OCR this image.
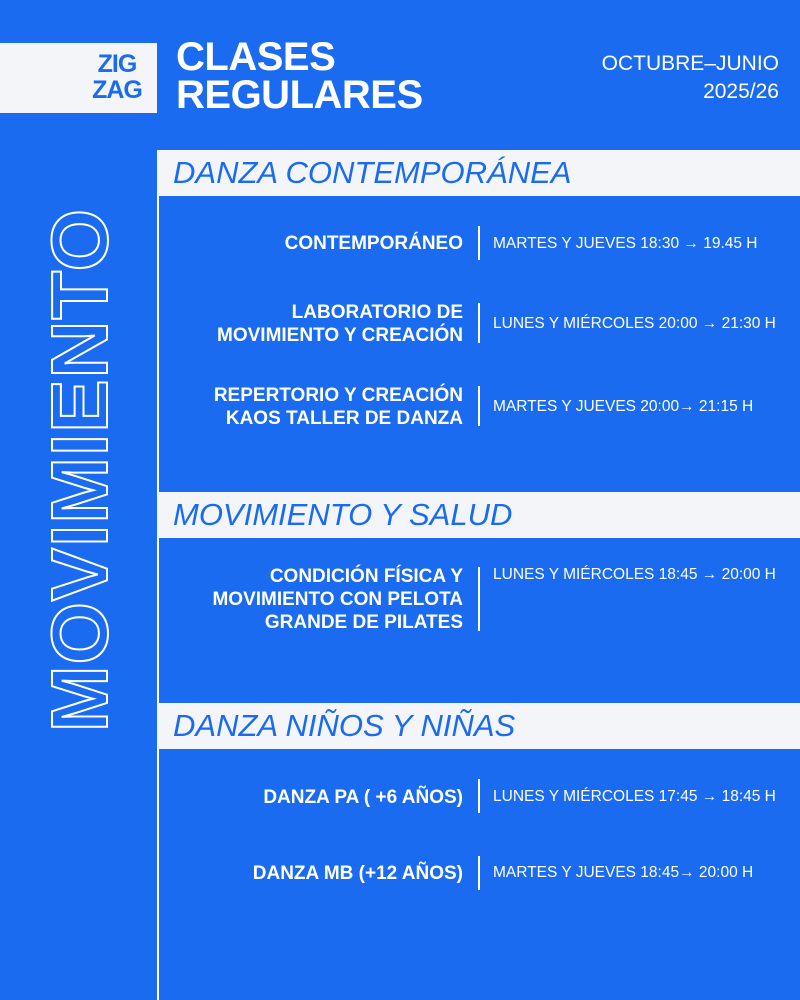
ZIG
ZAG
CLASES
REGULARES
OCTUBRE–JUNIO
2025/26
MOVIMIENTO
DANZA CONTEMPORÁNEA
CONTEMPORÁNEO MARTES Y JUEVES 18:30 → 19.45 H
LABORATORIO DE
MOVIMIENTO Y CREACIÓN
LUNES Y MIÉRCOLES 20:00 → 21:30 H
REPERTORIO Y CREACIÓN
KAOS TALLER DE DANZA
MARTES Y JUEVES 20:00→ 21:15 H
MOVIMIENTO Y SALUD
CONDICIÓN FÍSICA Y
MOVIMIENTO CON PELOTA
GRANDE DE PILATES
LUNES Y MIÉRCOLES 18:45 → 20:00 H
DANZA NIÑOS Y NIÑAS
DANZA PA ( +6 AÑOS) LUNES Y MIÉRCOLES 17:45 → 18:45 H
DANZA MB (+12 AÑOS) MARTES Y JUEVES 18:45→ 20:00 H
